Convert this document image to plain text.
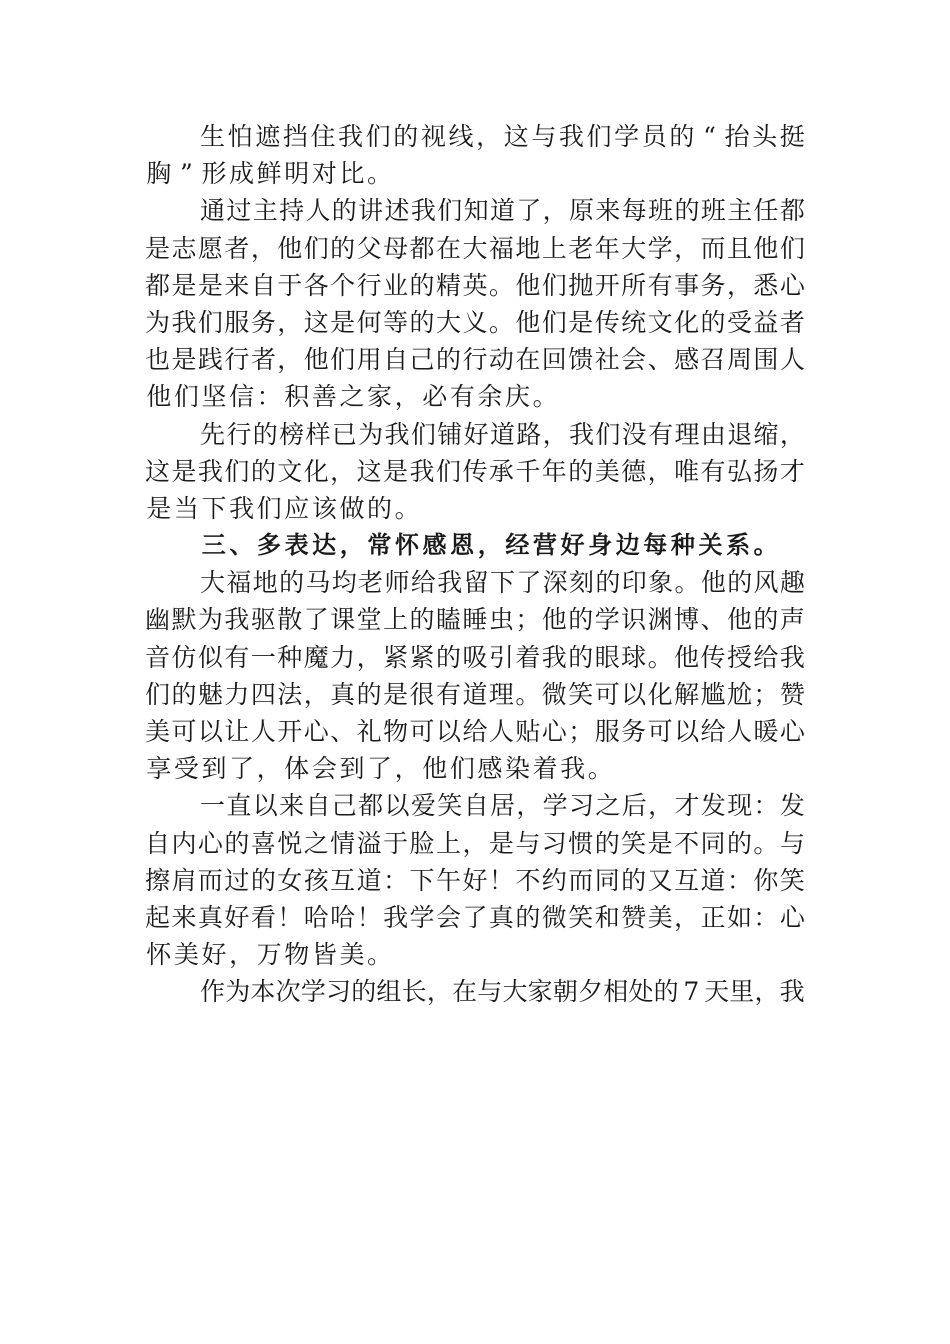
生 怕 遮 挡 住 我 们 的 视 线 ， 这 与 我 们 学 员 的 “ 抬 头 挺
胸 ” 形 成 鲜 明 对 比 。
通 过 主 持 人 的 讲 述 我 们 知 道 了 ， 原 来 每 班 的 班 主 任 都
是 志 愿 者 ， 他 们 的 父 母 都 在 大 福 地 上 老 年 大 学 ， 而 且 他 们
都 是 是 来 自 于 各 个 行 业 的 精 英 。 他 们 抛 开 所 有 事 务 ， 悉 心
为 我 们 服 务 ， 这 是 何 等 的 大 义 。 他 们 是 传 统 文 化 的 受 益 者
也 是 践 行 者 ， 他 们 用 自 己 的 行 动 在 回 馈 社 会 、 感 召 周 围 人
他 们 坚 信 ： 积 善 之 家 ， 必 有 余 庆 。
先 行 的 榜 样 已 为 我 们 铺 好 道 路 ， 我 们 没 有 理 由 退 缩 ，
这 是 我 们 的 文 化 ， 这 是 我 们 传 承 千 年 的 美 德 ， 唯 有 弘 扬 才
是 当 下 我 们 应 该 做 的 。
三 、 多 表 达 ， 常 怀 感 恩 ， 经 营 好 身 边 每 种 关 系 。
大 福 地 的 马 均 老 师 给 我 留 下 了 深 刻 的 印 象 。 他 的 风 趣
幽 默 为 我 驱 散 了 课 堂 上 的 瞌 睡 虫 ； 他 的 学 识 渊 博 、 他 的 声
音 仿 似 有 一 种 魔 力 ， 紧 紧 的 吸 引 着 我 的 眼 球 。 他 传 授 给 我
们 的 魅 力 四 法 ， 真 的 是 很 有 道 理 。 微 笑 可 以 化 解 尴 尬 ； 赞
美 可 以 让 人 开 心 、 礼 物 可 以 给 人 贴 心 ； 服 务 可 以 给 人 暖 心
享 受 到 了 ， 体 会 到 了 ， 他 们 感 染 着 我 。
一 直 以 来 自 己 都 以 爱 笑 自 居 ， 学 习 之 后 ， 才 发 现 ： 发
自 内 心 的 喜 悦 之 情 溢 于 脸 上 ， 是 与 习 惯 的 笑 是 不 同 的 。 与
擦 肩 而 过 的 女 孩 互 道 ： 下 午 好 ！ 不 约 而 同 的 又 互 道 ： 你 笑
起 来 真 好 看 ！ 哈 哈 ！ 我 学 会 了 真 的 微 笑 和 赞 美 ， 正 如 ： 心
怀 美 好 ， 万 物 皆 美 。
作 为 本 次 学 习 的 组 长 ， 在 与 大 家 朝 夕 相 处 的 7 天 里 ， 我
